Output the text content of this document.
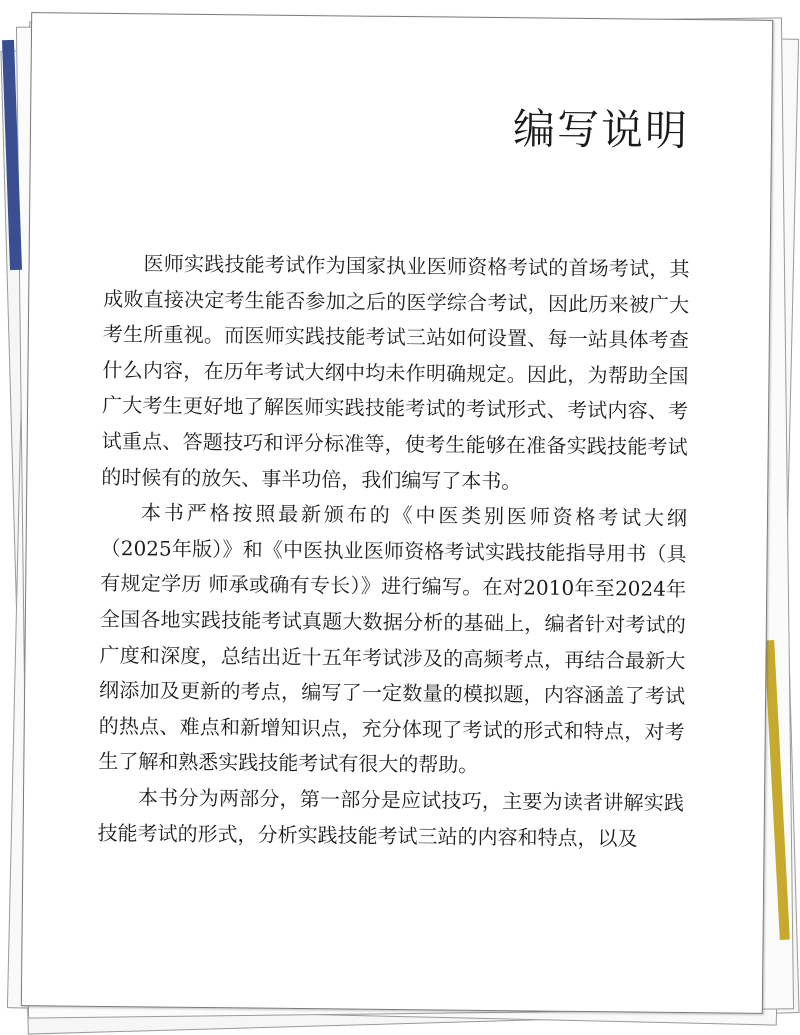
编写说明

医师实践技能考试作为国家执业医师资格考试的首场考试，其成败直接决定考生能否参加之后的医学综合考试，因此历来被广大考生所重视。而医师实践技能考试三站如何设置、每一站具体考查什么内容，在历年考试大纲中均未作明确规定。因此，为帮助全国广大考生更好地了解医师实践技能考试的考试形式、考试内容、考试重点、答题技巧和评分标准等，使考生能够在准备实践技能考试的时候有的放矢、事半功倍，我们编写了本书。

本书严格按照最新颁布的《中医类别医师资格考试大纲（2025年版）》和《中医执业医师资格考试实践技能指导用书（具有规定学历 师承或确有专长）》进行编写。在对2010年至2024年全国各地实践技能考试真题大数据分析的基础上，编者针对考试的广度和深度，总结出近十五年考试涉及的高频考点，再结合最新大纲添加及更新的考点，编写了一定数量的模拟题，内容涵盖了考试的热点、难点和新增知识点，充分体现了考试的形式和特点，对考生了解和熟悉实践技能考试有很大的帮助。

本书分为两部分，第一部分是应试技巧，主要为读者讲解实践技能考试的形式，分析实践技能考试三站的内容和特点，以及
